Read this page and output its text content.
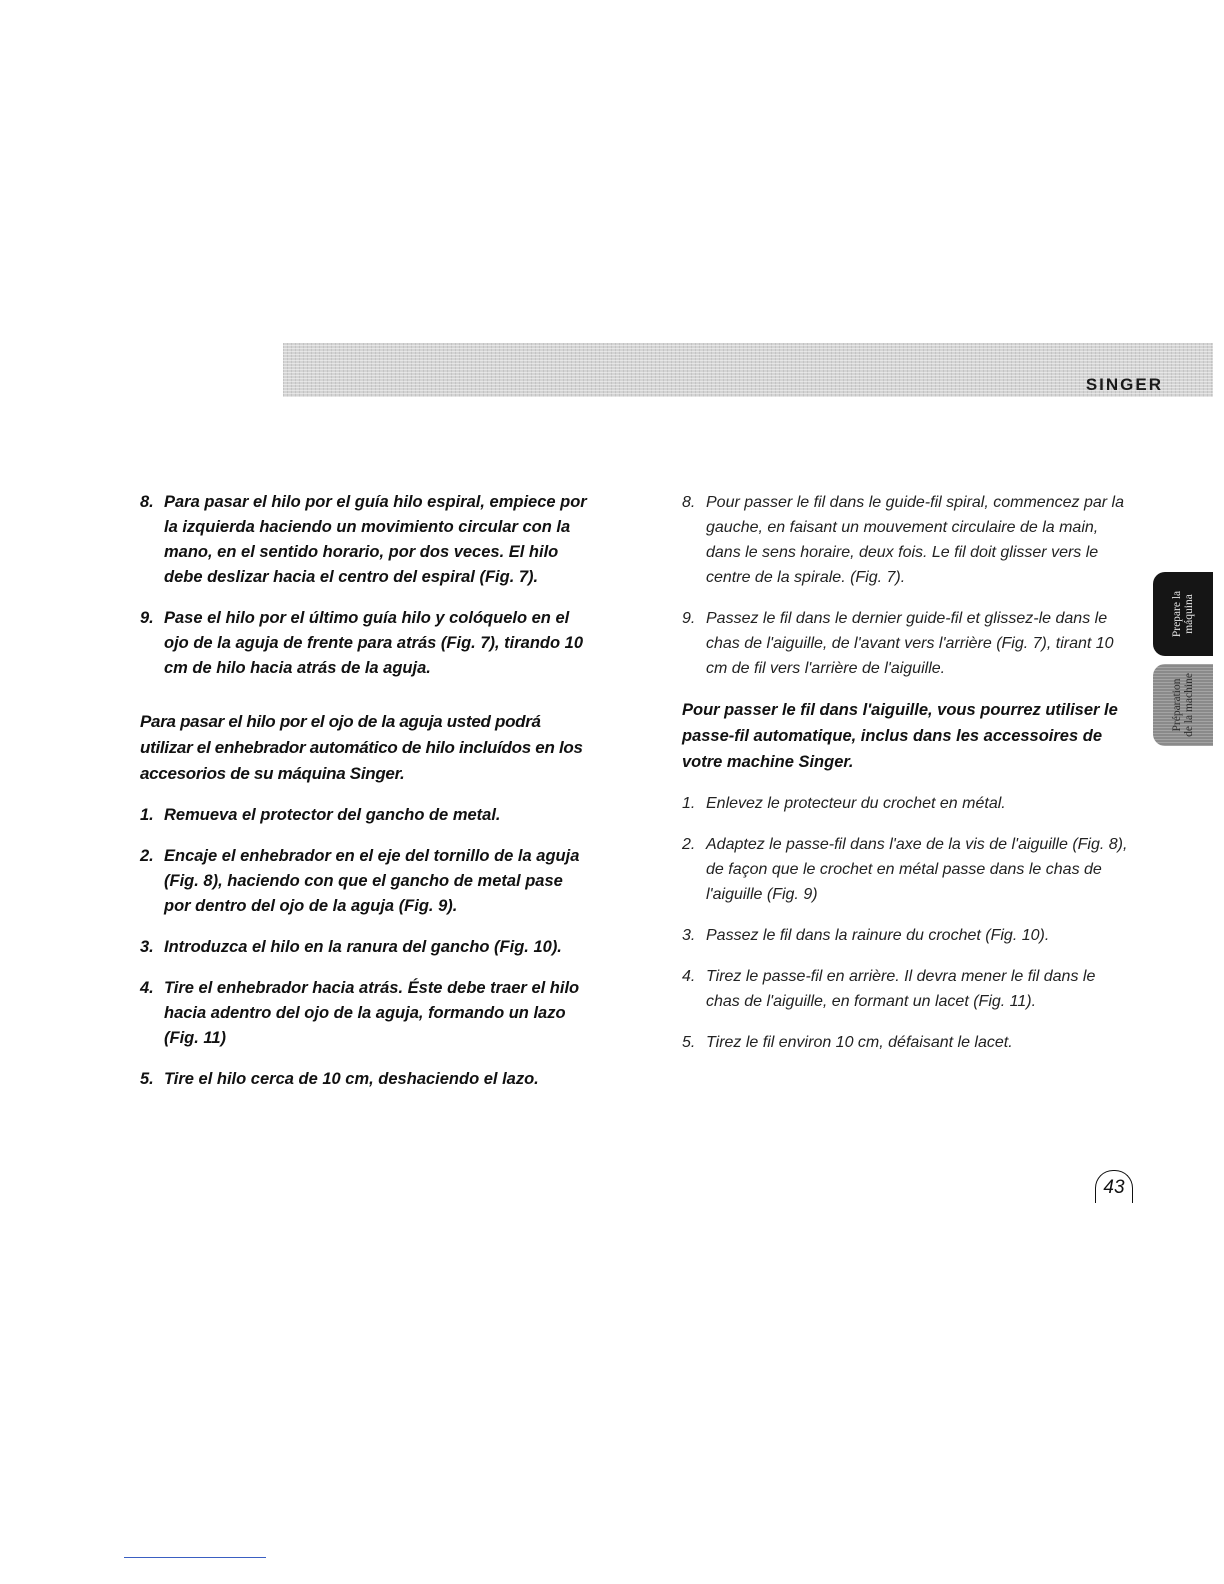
SINGER
8. Para pasar el hilo por el guía hilo espiral, empiece por la izquierda haciendo un movimiento circular con la mano, en el sentido horario, por dos veces. El hilo debe deslizar hacia el centro del espiral (Fig. 7).
9. Pase el hilo por el último guía hilo y colóquelo en el ojo de la aguja de frente para atrás (Fig. 7), tirando 10 cm de hilo hacia atrás de la aguja.
Para pasar el hilo por el ojo de la aguja usted podrá utilizar el enhebrador automático de hilo incluídos en los accesorios de su máquina Singer.
1. Remueva el protector del gancho de metal.
2. Encaje el enhebrador en el eje del tornillo de la aguja (Fig. 8), haciendo con que el gancho de metal pase por dentro del ojo de la aguja (Fig. 9).
3. Introduzca el hilo en la ranura del gancho (Fig. 10).
4. Tire el enhebrador hacia atrás. Éste debe traer el hilo hacia adentro del ojo de la aguja, formando un lazo (Fig. 11)
5. Tire el hilo cerca de 10 cm, deshaciendo el lazo.
8. Pour passer le fil dans le guide-fil spiral, commencez par la gauche, en faisant un mouvement circulaire de la main, dans le sens horaire, deux fois. Le fil doit glisser vers le centre de la spirale. (Fig. 7).
9. Passez le fil dans le dernier guide-fil et glissez-le dans le chas de l'aiguille, de l'avant vers l'arrière (Fig. 7), tirant 10 cm de fil vers l'arrière de l'aiguille.
Pour passer le fil dans l'aiguille, vous pourrez utiliser le passe-fil automatique, inclus dans les accessoires de votre machine Singer.
1. Enlevez le protecteur du crochet en métal.
2. Adaptez le passe-fil dans l'axe de la vis de l'aiguille (Fig. 8), de façon que le crochet en métal passe dans le chas de l'aiguille (Fig. 9)
3. Passez le fil dans la rainure du crochet (Fig. 10).
4. Tirez le passe-fil en arrière. Il devra mener le fil dans le chas de l'aiguille, en formant un lacet (Fig. 11).
5. Tirez le fil environ 10 cm, défaisant le lacet.
Prepare la máquina
Préparation de la machine
43
